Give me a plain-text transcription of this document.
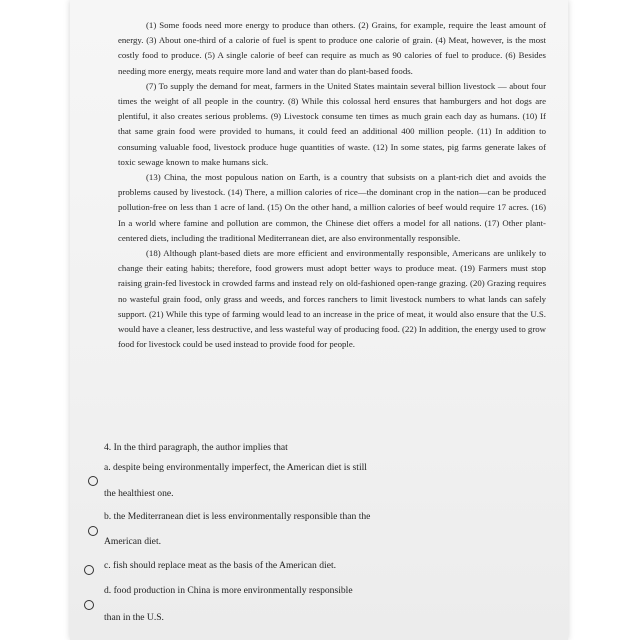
(1) Some foods need more energy to produce than others. (2) Grains, for example, require the least amount of energy. (3) About one-third of a calorie of fuel is spent to produce one calorie of grain. (4) Meat, however, is the most costly food to produce. (5) A single calorie of beef can require as much as 90 calories of fuel to produce. (6) Besides needing more energy, meats require more land and water than do plant-based foods.

(7) To supply the demand for meat, farmers in the United States maintain several billion livestock — about four times the weight of all people in the country. (8) While this colossal herd ensures that hamburgers and hot dogs are plentiful, it also creates serious problems. (9) Livestock consume ten times as much grain each day as humans. (10) If that same grain food were provided to humans, it could feed an additional 400 million people. (11) In addition to consuming valuable food, livestock produce huge quantities of waste. (12) In some states, pig farms generate lakes of toxic sewage known to make humans sick.

(13) China, the most populous nation on Earth, is a country that subsists on a plant-rich diet and avoids the problems caused by livestock. (14) There, a million calories of rice—the dominant crop in the nation—can be produced pollution-free on less than 1 acre of land. (15) On the other hand, a million calories of beef would require 17 acres. (16) In a world where famine and pollution are common, the Chinese diet offers a model for all nations. (17) Other plant-centered diets, including the traditional Mediterranean diet, are also environmentally responsible.

(18) Although plant-based diets are more efficient and environmentally responsible, Americans are unlikely to change their eating habits; therefore, food growers must adopt better ways to produce meat. (19) Farmers must stop raising grain-fed livestock in crowded farms and instead rely on old-fashioned open-range grazing. (20) Grazing requires no wasteful grain food, only grass and weeds, and forces ranchers to limit livestock numbers to what lands can safely support. (21) While this type of farming would lead to an increase in the price of meat, it would also ensure that the U.S. would have a cleaner, less destructive, and less wasteful way of producing food. (22) In addition, the energy used to grow food for livestock could be used instead to provide food for people.

4. In the third paragraph, the author implies that
a. despite being environmentally imperfect, the American diet is still
the healthiest one.
b. the Mediterranean diet is less environmentally responsible than the
American diet.
c. fish should replace meat as the basis of the American diet.
d. food production in China is more environmentally responsible
than in the U.S.
